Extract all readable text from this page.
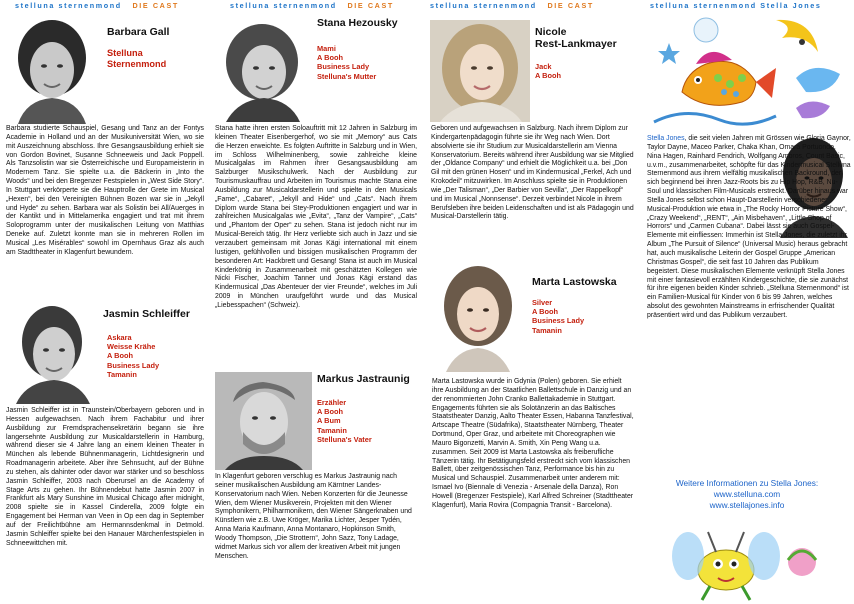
stelluna sternenmond DIE CAST
Barbara Gall
Stelluna
Sternenmond
Barbara studierte Schauspiel, Gesang und Tanz an der Fontys Academie in Holland und an der Musikuniversität Wien, wo sie mit Auszeichnung abschloss. Ihre Gesangsausbildung erhielt sie von Gordon Bovinet, Susanne Schneeweis und Jack Poppell. Als Tanzsolistin war sie Österreichische und Europameisterin in Modernem Tanz. Sie spielte u.a. die Bäckerin in „Into the Woods“ und bei den Bregenzer Festspielen in „West Side Story“. In Stuttgart verkörperte sie die Hauptrolle der Grete im Musical „Hexen“, bei den Vereinigten Bühnen Bozen war sie in „Jekyll und Hyde“ zu sehen. Barbara war als Solistin bei All/Auerges in der Kantikt und in Mittelamerika engagiert und trat mit ihrem Soloprogramm unter der musikalischen Leitung von Matthias Deneke auf. Zuletzt konnte man sie in mehreren Rollen im Musical „Les Misérables“ sowohl im Opernhaus Graz als auch am Stadttheater in Klagenfurt bewundern.
Jasmin Schleiffer
Askara
Weisse Krähe
A Booh
Business Lady
Tamanin
Jasmin Schleiffer ist in Traunstein/Oberbayern geboren und in Hessen aufgewachsen. Nach ihrem Fachabitur und ihrer Ausbildung zur Fremdsprachensekretärin begann sie ihre langersehnte Ausbildung zur Musicaldarstellerin in Hamburg, während dieser sie 4 Jahre lang an einem kleinen Theater in München als lebende Bühnenmanagerin, Lichtdesignerin und Roadmanagerin arbeitete. Aber ihre Sehnsucht, auf der Bühne zu stehen, als dahinter oder davor war stärker und so beschloss Jasmin Schleiffer, 2003 nach Oberursel an die Academy of Stage Arts zu gehen. Ihr Bühnendebut hatte Jasmin 2007 in Frankfurt als Mary Sunshine im Musical Chicago after midnight, 2008 spielte sie in Kassel Cinderella, 2009 folgte ein Engagement bei Herman van Veen in Op een dag in September auf der Freilichtbühne am Hermannsdenkmal in Detmold. Jasmin Schleiffer spielte bei den Hanauer Märchenfestspielen in Schneewittchen mit.
stelluna sternenmond DIE CAST
Stana Hezousky
Mami
A Booh
Business Lady
Stelluna's Mutter
Stana hatte ihren ersten Soloauftritt mit 12 Jahren in Salzburg im kleinen Theater Eisenbergerhof, wo sie mit „Memory“ aus Cats die Herzen erweichte. Es folgten Auftritte in Salzburg und in Wien, im Schloss Wilhelminenberg, sowie zahlreiche kleine Musicalgalas im Rahmen ihrer Gesangsausbildung am Salzburger Musikschulwerk. Nach der Ausbildung zur Tourismuskauffrau und Arbeiten im Tourismus machte Stana eine Ausbildung zur Musicaldarstellerin und spielte in den Musicals „Fame“, „Cabaret“, „Jekyll and Hide“ und „Cats“. Nach ihrem Diplom wurde Stana bei Stey-Produktionen engagiert und war in zahlreichen Musicalgalas wie „Evita“, „Tanz der Vampire“, „Cats“ und „Phantom der Oper“ zu sehen. Stana ist jedoch nicht nur im Musical-Bereich tätig. Ihr Herz verliebte sich auch in Jazz und sie verzaubert gemeinsam mit Jonas Kägi international mit einem lustigen, gefühlvollen und bissigen musikalischen Programm der besonderen Art: Hackbrett und Gesang! Stana ist auch im Musical Kinderkönig in Zusammenarbeit mit geschätzten Kollegen wie Nicki Fischer, Joachim Tanner und Jonas Kägi erstand das Kindermusical „Das Abenteuer der vier Freunde“, welches im Juli 2009 in München uraufgeführt wurde und das Musical „Liebesspachen“ (Schweiz).
Markus Jastraunig
Erzähler
A Booh
A Bum
Tamanin
Stelluna's Vater
In Klagenfurt geboren verschlug es Markus Jastraunig nach seiner musikalischen Ausbildung am Kärntner Landes-Konservatorium nach Wien. Neben Konzerten für die Jeunesse Wien, dem Wiener Musikverein, Projekten mit den Wiener Symphonikern, Philharmonikern, den Wiener Sängerknaben und Künstlern wie z.B. Uwe Kröger, Marika Lichter, Jesper Tydén, Anna Maria Kaufmann, Anna Montanaro, Hopkinson Smith, Woody Thompson, „Die Strottern“, John Sazz, Tony Ladage, widmet Markus sich vor allem der kreativen Arbeit mit jungen Menschen.
stelluna sternenmond DIE CAST
Nicole
Rest-Lankmayer
Jack
A Booh
Geboren und aufgewachsen in Salzburg. Nach ihrem Diplom zur Kindergartenpädagogin führte sie ihr Weg nach Wien. Dort absolvierte sie ihr Studium zur Musicaldarstellerin am Vienna Konservatorium. Bereits während ihrer Ausbildung war sie Mitglied der „Oldance Company“ und erhielt die Möglichkeit u.a. bei „Don Gil mit den grünen Hosen“ und im Kindermusical „Ferkel, Ach und Krokodeil“ mitzuwirken. Im Anschluss spielte sie in Produktionen wie „Der Talisman“, „Der Barbier von Sevilla“, „Der Rappelkopf“ und im Musical „Nonnsense“. Derzeit verbindet Nicole in ihrem Berufsleben ihre beiden Leidenschaften und ist als Pädagogin und Musical-Darstellerin tätig.
Marta Lastowska
Silver
A Booh
Business Lady
Tamanin
Marta Lastowska wurde in Gdynia (Polen) geboren. Sie erhielt ihre Ausbildung an der Staatlichen Ballettschule in Danzig und an der renommierten John Cranko Ballettakademie in Stuttgart. Engagements führten sie als Solotänzerin an das Baltisches Staatstheater Danzig, Aalto Theater Essen, Habanna Tanzfestival, Artscape Theatre (Südafrika), Staatstheater Nürnberg, Theater Dortmund, Oper Graz, und arbeitete mit Choreographen wie Mauro Bigonzetti, Marvin A. Smith, Xin Peng Wang u.a. zusammen. Seit 2009 ist Marta Lastowska als freiberufliche Tänzerin tätig. Ihr Betätigungsfeld erstreckt sich vom klassischen Ballett, über zeitgenössischen Tanz, Performance bis hin zu Musical und Schauspiel. Zusammenarbeit unter anderem mit: Ismael Ivo (Biennale di Venezia - Arsenale della Danza), Ron Howell (Bregenzer Festspiele), Karl Alfred Schreiner (Stadttheater Klagenfurt), Maria Rovira (Compagnia Transit - Barcelona).
stelluna sternenmond Stella Jones
Stella Jones, die seit vielen Jahren mit Grössen wie Gloria Gaynor, Taylor Dayne, Maceo Parker, Chaka Khan, Omara Portuondo, Nina Hagen, Rainhard Fendrich, Wolfgang Ambros, Count Basic, u.v.m., zusammenarbeitet, schöpfte für das Kindermusical Stelluna Sternenmond aus ihrem vielfältig musikalischen Backround, der sich beginnend bei ihren Jazz-Roots bis zu Hip Hop, R&B, Nu-Soul und klassischen Film-Musicals erstreckt. Darüber hinaus war Stella Jones selbst schon Haupt-Darstellerin verschiedener Musical-Produktion wie etwa in „The Rocky Horror Picture Show“, „Crazy Weekend“, „RENT“, „Ain Misbehaven“, „Little Shop of Horrors“ und „Carmen Cubana“. Dabei lässt sie auch Gospel-Elemente mit einfliessen: Immerhin ist Stella Jones, die zuletzt ihr Album „The Pursuit of Silence“ (Universal Music) heraus gebracht hat, auch musikalische Leiterin der Gospel Gruppe „American Christmas Gospel“, die seit fast 10 Jahren das Publikum begeistert. Diese musikalischen Elemente verknüpft Stella Jones mit einer fantasievoll erzählten Kindergeschichte, die sie zunächst für ihre eigenen beiden Kinder schrieb. „Stelluna Sternenmond“ ist ein Familien-Musical für Kinder von 6 bis 99 Jahren, welches absolut des gewohnten Mainstreams in erfrischender Qualität präsentiert wird und das Publikum verzaubert.
Weitere Informationen zu Stella Jones:
www.stelluna.com
www.stellajones.info
